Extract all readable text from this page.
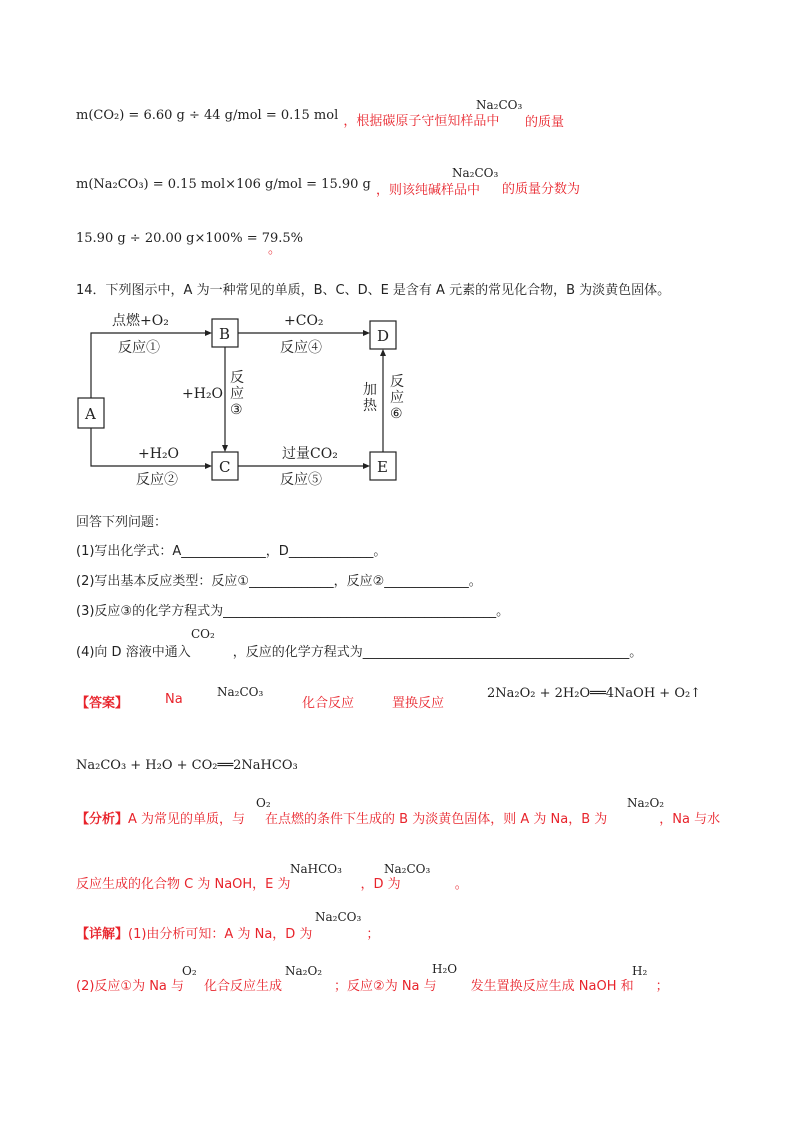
m(CO₂) = 6.60 g ÷ 44 g/mol = 0.15 mol $_{,根据碳原子守恒知样品中}$
Na₂CO₃
的质量
m(Na₂CO₃) = 0.15 mol×106 g/mol = 15.90 g $_{,则该纯碱样品中}$
Na₂CO₃
的质量分数为
15.90 g ÷ 20.00 g×100% = 79.5%
。
14．下列图示中，A 为一种常见的单质，B、C、D、E 是含有 A 元素的常见化合物，B 为淡黄色固体。
A
B
C
D
E
点燃+O₂
反应①
+CO₂
反应④
+H₂O
反应②
过量CO₂
反应⑤
+H₂O
反
应
③
加
热
反
应
⑥
回答下列问题：
(1)写出化学式：A_____________，D_____________。
(2)写出基本反应类型：反应①_____________，反应②_____________。
(3)反应③的化学方程式为__________________________________________。
(4)向 D 溶液中通入	，反应的化学方程式为_________________________________________。
CO₂
【答案】	Na	Na₂CO₃
化合反应	置换反应
2Na₂O₂ + 2H₂O══4NaOH + O₂↑
Na₂CO₃ + H₂O + CO₂══2NaHCO₃
【分析】A 为常见的单质，与 在点燃的条件下生成的 B 为淡黄色固体，则 A 为 Na，B 为	，Na 与水
O₂	Na₂O₂
反应生成的化合物 C 为 NaOH，E 为	，D 为	。
NaHCO₃	Na₂CO₃
【详解】(1)由分析可知：A 为 Na，D 为	；
Na₂CO₃
(2)反应①为 Na 与 化合反应生成	；反应②为 Na 与	发生置换反应生成 NaOH 和 ；
O₂	Na₂O₂	H₂O	H₂
